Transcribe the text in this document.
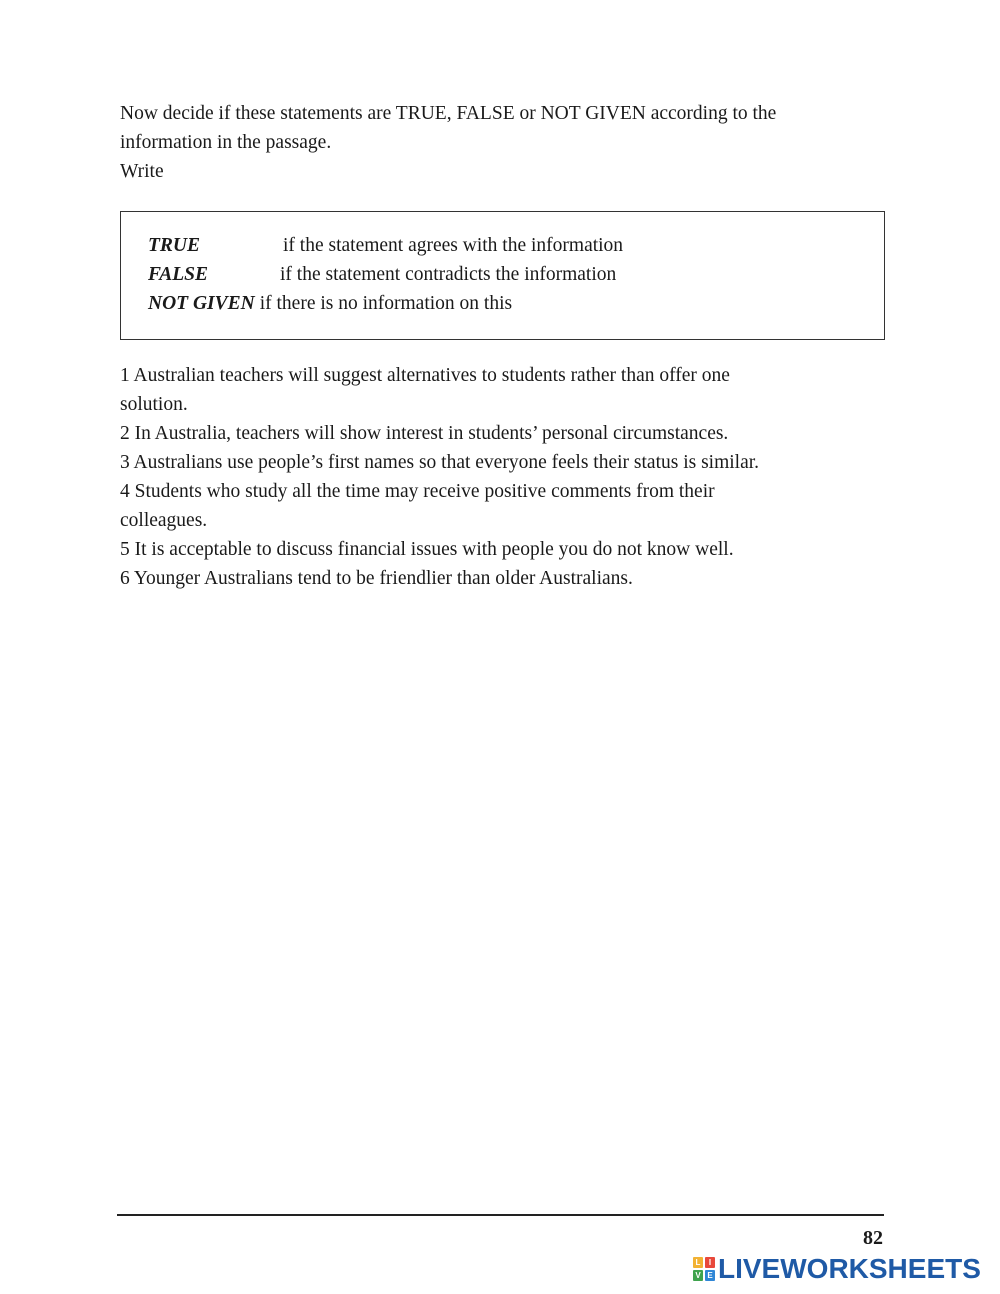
Now decide if these statements are TRUE, FALSE or NOT GIVEN according to the
information in the passage.
Write
TRUE	if the statement agrees with the information
FALSE	if the statement contradicts the information
NOT GIVEN if there is no information on this
1 Australian teachers will suggest alternatives to students rather than offer one
solution.
2 In Australia, teachers will show interest in students’ personal circumstances.
3 Australians use people’s first names so that everyone feels their status is similar.
4 Students who study all the time may receive positive comments from their
colleagues.
5 It is acceptable to discuss financial issues with people you do not know well.
6 Younger Australians tend to be friendlier than older Australians.
82
L	I
V E LIVEWORKSHEETS
